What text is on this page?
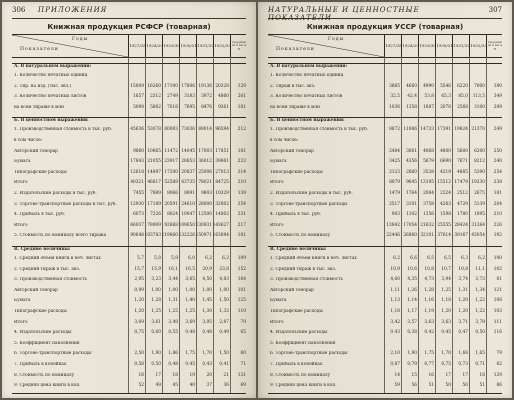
306 ПРИЛОЖЕНИЯ
Книжная продукция РСФСР (товарная)
Годы
Показатели
1927/28 1928/29 1929/30 1930/31 1931/32 1932/33
Сред-няя за 5 лет в %
А. В натуральном выражении:
1. Количество печатных единиц
2. Тир. на изд. (тыс. экз.)	15809 16260 17100 17806 19136 20328	129
3. Количество печатных листов	1857	2312	2749	3183	3972	4860	261
на всем тираже в млн	5098	5882	7018	7695	8476	9261	181
Б. В ценностном выражении:
1. Производственная стоимость в тыс. руб.	45636 53078 60003 73036 89014 96594	212
в том числе:
Авторский гонорар	9860 10865 11472 14045 17003 17851	181
Бумага	17843 21055 23917 28853 36012 39861	223
Типографские расходы	12618 14897 17200 20837 25006 27013	214
Итого	40321 46817 52589 63735 78021 84725	210
2. Издательские расходы в тыс. руб.	7455	7889	8066	8891	9803 10329	139
3. Торгово-транспортные расходы в тыс. руб.	12930 17189 20591 24610 28000 32802	254
4. Прибыль в тыс. руб.	6073	7226	8024 10047 12500 14002	231
Итого	66037 78909 92668 109650 130931 143627	217
5. Стоимость по номиналу всего тиража	90648 103783 119860 132226 150971 163894	181
В. Средние величины:
1. Средний объем книги в печ. листах	5,7	5,8	5,9	6,0	6,2	6,2	109
2. Средний тираж в тыс. экз.	15,7	15,9	16,1	16,5	20,9	23,8	152
3. Производственная стоимость	2,95	3,23	3,44	3,65	4,50	4,83	164
Авторский гонорар	0,99	1,00	1,00	1,00	1,00	1,00	101
Бумага	1,20	1,28	1,31	1,40	1,45	1,50	125
Типографские расходы	1,20	1,25	1,25	1,25	1,30	1,32	110
Итого	3,69	3,61	3,48	3,69	3,95	2,87	79
4. Издательские расходы	0,75	0,60	0,55	0,48	0,48	0,49	65
5. Коэффициент наполнения
6. Торгово-транспортные расходы	2,50	1,90	1,86	1,75	1,70	1,50	60
7. Прибыль в копейках	0,58	0,50	0,48	0,45	0,43	0,41	71
8. Стоимость по номиналу	16	17	18	19	20	21	131
9. Средняя цена книги в коп.	52	49	45	40	37	36	69
НАТУРАЛЬНЫЕ И ЦЕННОСТНЫЕ ПОКАЗАТЕЛИ
307
Книжная продукция УССР (товарная)
Годы
Показатели
1927/28 1928/29 1929/30 1930/31 1931/32 1932/33
Сред-няя за 5 лет в %
А. В натуральном выражении:
1. Количество печатных единиц
2. Тираж в тыс. экз.	3885	4660	4990	5546	6220	7000	180
3. Количество печатных листов	32,5	42,4	53,8	65,3	85,0	113,5	349
на всем тираже в млн	1036	1358	1687	2078	2568	3100	299
Б. В ценностном выражении:
1. Производственная стоимость в тыс. руб.	8872 11086 14733 17391 19824 21370	249
в том числе:
Авторский гонорар	2484	3061	4068	4800	5600	6200	250
Бумага	3425	4356	5679	6690	7671	8212	240
Типографские расходы	2123	2660	3538	4219	4885	5390	254
Итого	8079	9645 13195 15512 17479 19230	238
2. Издательские расходы в тыс. руб.	1479	1764	2084	2324	2512	2675	181
3. Торгово-транспортные расходы	2517	3101	3758	4263	4729	5139	204
4. Прибыль в тыс. руб.	903	1102	1356	1598	1780	1895	210
Итого	13842 17054 21632 25555 28424 31264	226
5. Стоимость по номиналу	22446 26860 32101 37614 39167 43054	192
В. Средние величины:
1. Средний объем книги в печ. листах	6,2	6,6	6,5	6,5	6,3	6,2	100
2. Средний тираж в тыс. экз.	10,9	10,6	10,8	10,7	10,8	11,1	102
3. Производственная стоимость	4,60	4,35	4,73	3,94	3,74	3,73	81
Авторский гонорар	1,11	1,26	1,28	1,25	1,31	1,34	121
Бумага	1,13	1,14	1,16	1,18	1,20	1,22	108
Типографские расходы	1,18	1,17	1,19	1,20	1,20	1,22	103
Итого	3,42	3,57	3,63	3,63	3,71	3,78	111
4. Издательские расходы	0,43	0,38	0,42	0,45	0,47	0,50	116
5. Коэффициент наполнения
6. Торгово-транспортные расходы	2,10	1,90	1,75	1,70	1,68	1,65	79
7. Прибыль в копейках	0,87	0,79	0,77	0,75	0,73	0,71	82
8. Стоимость по номиналу	14	15	16	17	17	18	129
9. Средняя цена книги в коп.	59	56	51	50	50	51	86
